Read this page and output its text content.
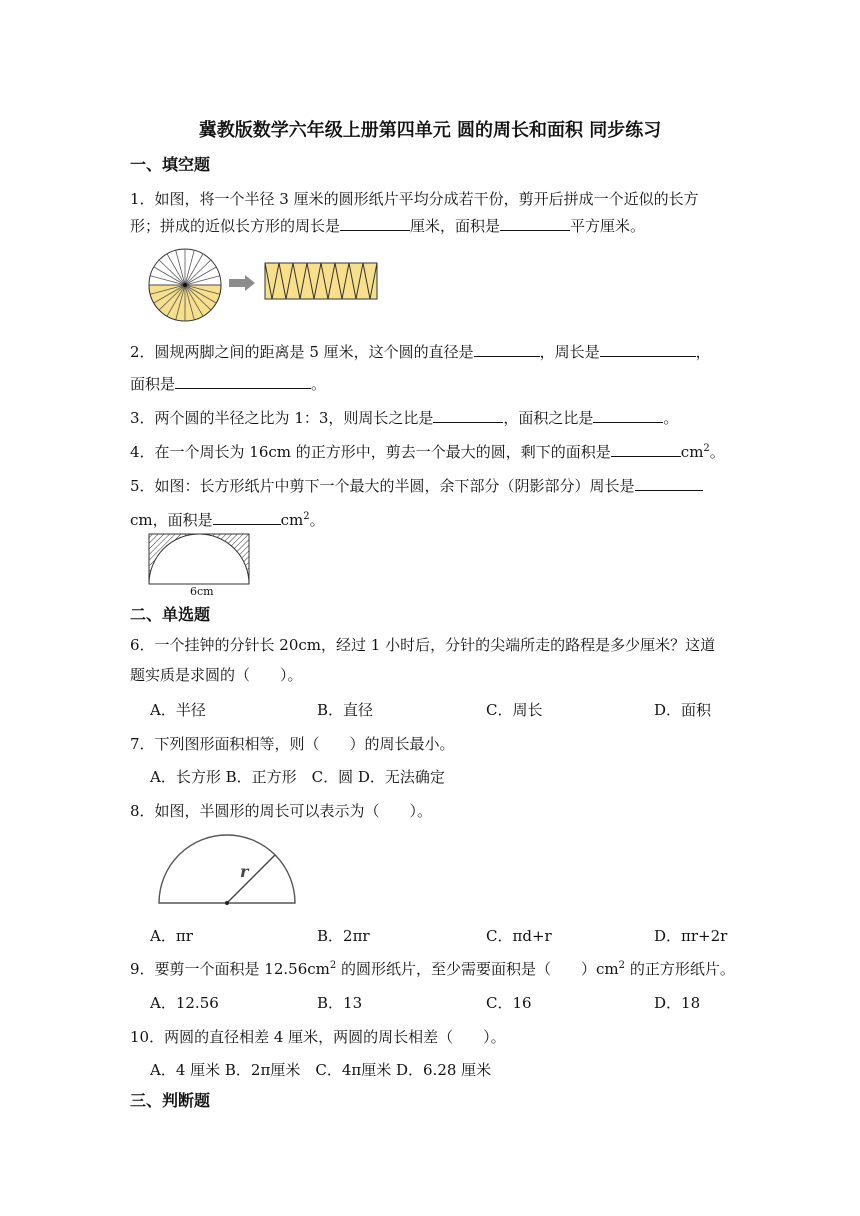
冀教版数学六年级上册第四单元 圆的周长和面积 同步练习
一、填空题
1．如图，将一个半径 3 厘米的圆形纸片平均分成若干份，剪开后拼成一个近似的长方
形；拼成的近似长方形的周长是	厘米，面积是	平方厘米。
2．圆规两脚之间的距离是 5 厘米，这个圆的直径是	，周长是	，
面积是	。
3．两个圆的半径之比为 1：3，则周长之比是	，面积之比是	。
4．在一个周长为 16cm 的正方形中，剪去一个最大的圆，剩下的面积是	$cm^2$。
5．如图：长方形纸片中剪下一个最大的半圆，余下部分（阴影部分）周长是
cm，面积是	$cm^2$。
6cm
二、单选题
6．一个挂钟的分针长 20cm，经过 1 小时后，分针的尖端所走的路程是多少厘米？这道
题实质是求圆的（　　）。
A．半径	B．直径	C．周长	D．面积
7．下列图形面积相等，则（　　）的周长最小。
A．长方形 B．正方形　C．圆 D．无法确定
8．如图，半圆形的周长可以表示为（　　）。
r
A．πr	B．2πr	C．πd+r	D．πr+2r
9．要剪一个面积是 $12.56cm^2$ 的圆形纸片，至少需要面积是（　　）$cm^2$ 的正方形纸片。
A．12.56	B．13	C．16	D．18
10．两圆的直径相差 4 厘米，两圆的周长相差（　　）。
A．4 厘米 B．2π厘米　C．4π厘米 D．6.28 厘米
三、判断题
